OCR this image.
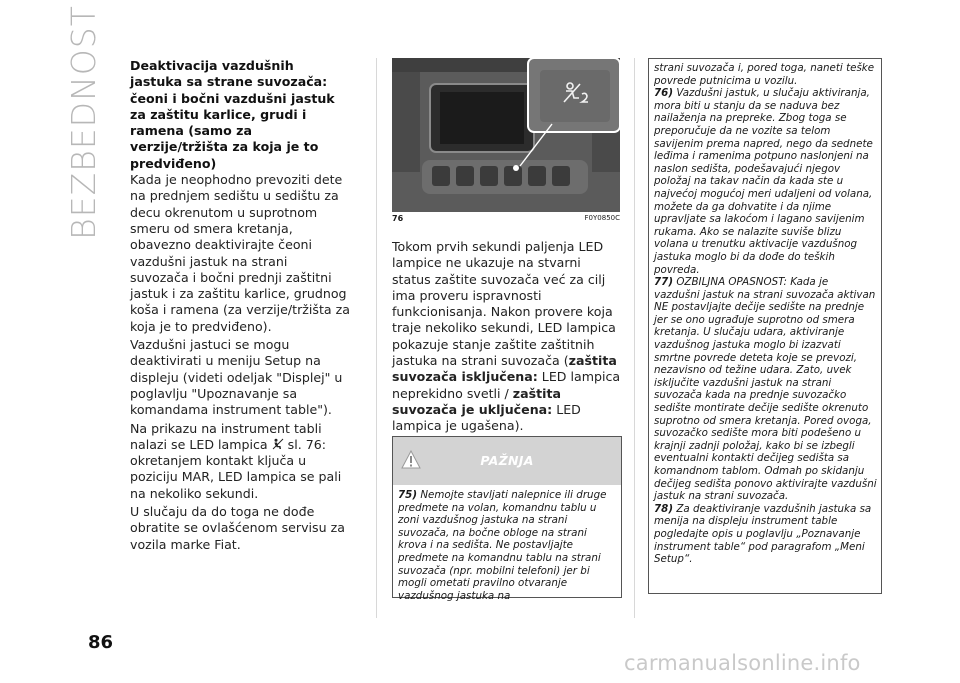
BEZBEDNOST
86
carmanualsonline.info
Deaktivacija vazdušnih jastuka sa strane suvozača: čeoni i bočni vazdušni jastuk za zaštitu karlice, grudi i ramena (samo za verzije/tržišta za koja je to predviđeno)

Kada je neophodno prevoziti dete na prednjem sedištu u sedištu za decu okrenutom u suprotnom smeru od smera kretanja, obavezno deaktivirajte čeoni vazdušni jastuk na strani suvozača i bočni prednji zaštitni jastuk i za zaštitu karlice, grudnog koša i ramena (za verzije/tržišta za koja je to predviđeno).

Vazdušni jastuci se mogu deaktivirati u meniju Setup na displeju (videti odeljak "Displej" u poglavlju "Upoznavanje sa komandama instrument table").

Na prikazu na instrument tabli nalazi se LED lampica sl. 76: okretanjem kontakt ključa u poziciju MAR, LED lampica se pali na nekoliko sekundi.

U slučaju da do toga ne dođe obratite se ovlašćenom servisu za vozila marke Fiat.

76	F0Y0850C
Tokom prvih sekundi paljenja LED lampice ne ukazuje na stvarni status zaštite suvozača već za cilj ima proveru ispravnosti funkcionisanja. Nakon provere koja traje nekoliko sekundi, LED lampica pokazuje stanje zaštite zaštitnih jastuka na strani suvozača (zaštita suvozača isključena: LED lampica neprekidno svetli / zaštita suvozača je uključena: LED lampica je ugašena).
PAŽNJA
75) Nemojte stavljati nalepnice ili druge predmete na volan, komandnu tablu u zoni vazdušnog jastuka na strani suvozača, na bočne obloge na strani krova i na sedišta. Ne postavljajte predmete na komandnu tablu na strani suvozača (npr. mobilni telefoni) jer bi mogli ometati pravilno otvaranje vazdušnog jastuka na

strani suvozača i, pored toga, naneti teške povrede putnicima u vozilu.

76) Vazdušni jastuk, u slučaju aktiviranja, mora biti u stanju da se naduva bez nailaženja na prepreke. Zbog toga se preporučuje da ne vozite sa telom savijenim prema napred, nego da sednete leđima i ramenima potpuno naslonjeni na naslon sedišta, podešavajući njegov položaj na takav način da kada ste u najvećoj mogućoj meri udaljeni od volana, možete da ga dohvatite i da njime upravljate sa lakoćom i lagano savijenim rukama. Ako se nalazite suviše blizu volana u trenutku aktivacije vazdušnog jastuka moglo bi da dođe do teških povreda.

77) OZBILJNA OPASNOST: Kada je vazdušni jastuk na strani suvozača aktivan NE postavljajte dečije sedište na prednje jer se ono ugrađuje suprotno od smera kretanja. U slučaju udara, aktiviranje vazdušnog jastuka moglo bi izazvati smrtne povrede deteta koje se prevozi, nezavisno od težine udara. Zato, uvek isključite vazdušni jastuk na strani suvozača kada na prednje suvozačko sedište montirate dečije sedište okrenuto suprotno od smera kretanja. Pored ovoga, suvozačko sedište mora biti podešeno u krajnji zadnji položaj, kako bi se izbegli eventualni kontakti dečijeg sedišta sa komandnom tablom. Odmah po skidanju dečijeg sedišta ponovo aktivirajte vazdušni jastuk na strani suvozača.

78) Za deaktiviranje vazdušnih jastuka sa menija na displeju instrument table pogledajte opis u poglavlju „Poznavanje instrument table“ pod paragrafom „Meni Setup“.
